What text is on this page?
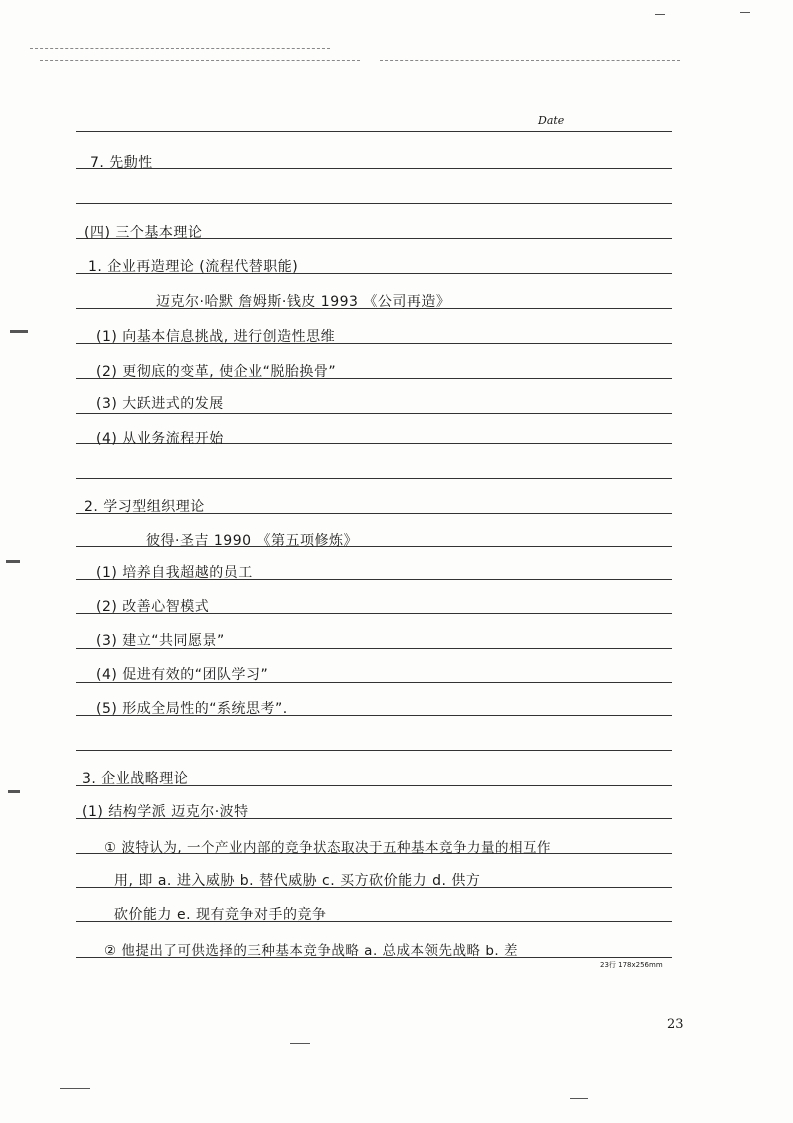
Date
7. 先動性
(四) 三个基本理论
1. 企业再造理论 (流程代替职能)
迈克尔·哈默 詹姆斯·钱皮 1993 《公司再造》
(1) 向基本信息挑战, 进行创造性思维
(2) 更彻底的变革, 使企业“脱胎换骨”
(3) 大跃进式的发展
(4) 从业务流程开始
2. 学习型组织理论
彼得·圣吉 1990 《第五项修炼》
(1) 培养自我超越的员工
(2) 改善心智模式
(3) 建立“共同愿景”
(4) 促进有效的“团队学习”
(5) 形成全局性的“系统思考”.
3. 企业战略理论
(1) 结构学派 迈克尔·波特
① 波特认为, 一个产业内部的竞争状态取决于五种基本竞争力量的相互作
用, 即 a. 进入威胁 b. 替代威胁 c. 买方砍价能力 d. 供方
砍价能力 e. 现有竞争对手的竞争
② 他提出了可供选择的三种基本竞争战略 a. 总成本领先战略 b. 差
23行 178x256mm
23
